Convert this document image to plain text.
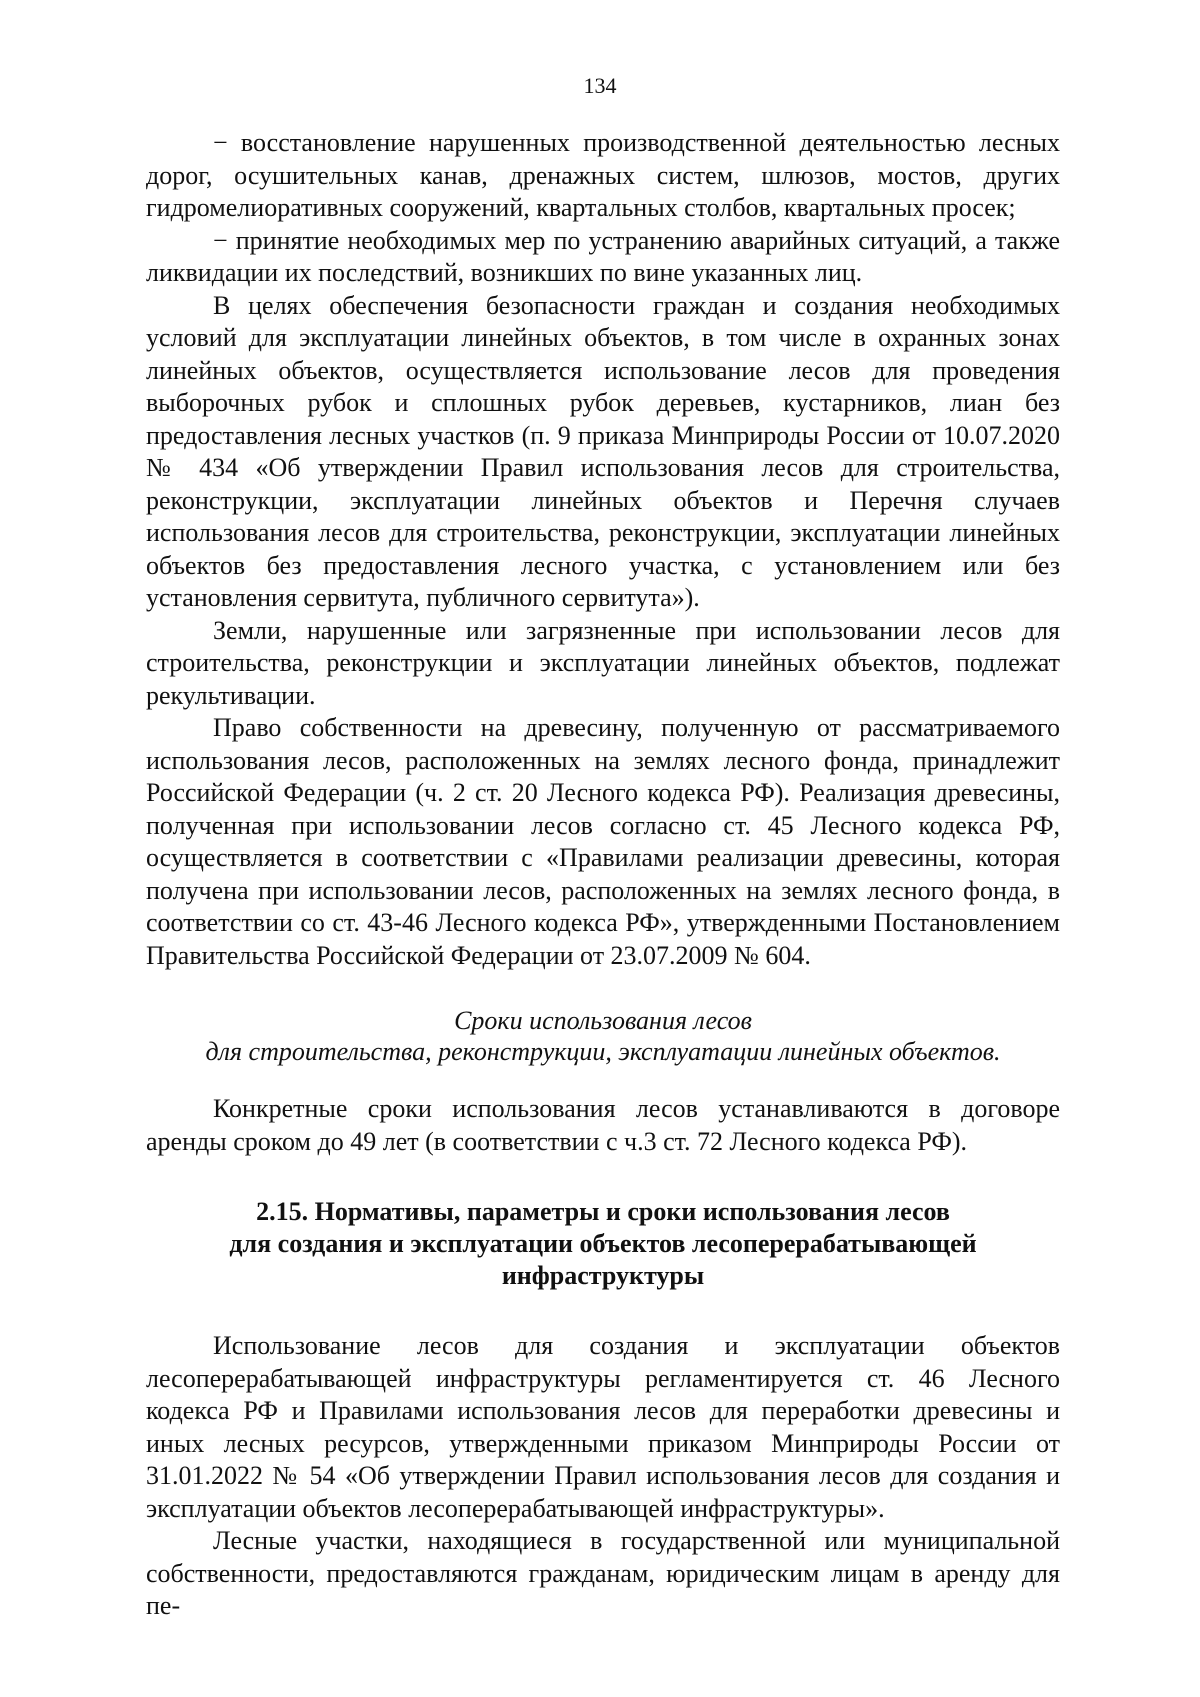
134

− восстановление нарушенных производственной деятельностью лесных дорог, осушительных канав, дренажных систем, шлюзов, мостов, других гидромелиоративных сооружений, квартальных столбов, квартальных просек;

− принятие необходимых мер по устранению аварийных ситуаций, а также ликвидации их последствий, возникших по вине указанных лиц.

В целях обеспечения безопасности граждан и создания необходимых условий для эксплуатации линейных объектов, в том числе в охранных зонах линейных объектов, осуществляется использование лесов для проведения выборочных рубок и сплошных рубок деревьев, кустарников, лиан без предоставления лесных участков (п. 9 приказа Минприроды России от 10.07.2020 № 434 «Об утверждении Правил использования лесов для строительства, реконструкции, эксплуатации линейных объектов и Перечня случаев использования лесов для строительства, реконструкции, эксплуатации линейных объектов без предоставления лесного участка, с установлением или без установления сервитута, публичного сервитута»).

Земли, нарушенные или загрязненные при использовании лесов для строительства, реконструкции и эксплуатации линейных объектов, подлежат рекультивации.

Право собственности на древесину, полученную от рассматриваемого использования лесов, расположенных на землях лесного фонда, принадлежит Российской Федерации (ч. 2 ст. 20 Лесного кодекса РФ). Реализация древесины, полученная при использовании лесов согласно ст. 45 Лесного кодекса РФ, осуществляется в соответствии с «Правилами реализации древесины, которая получена при использовании лесов, расположенных на землях лесного фонда, в соответствии со ст. 43-46 Лесного кодекса РФ», утвержденными Постановлением Правительства Российской Федерации от 23.07.2009 № 604.

Сроки использования лесов
для строительства, реконструкции, эксплуатации линейных объектов.

Конкретные сроки использования лесов устанавливаются в договоре аренды сроком до 49 лет (в соответствии с ч.3 ст. 72 Лесного кодекса РФ).

2.15. Нормативы, параметры и сроки использования лесов
для создания и эксплуатации объектов лесоперерабатывающей
инфраструктуры

Использование лесов для создания и эксплуатации объектов лесоперерабатывающей инфраструктуры регламентируется ст. 46 Лесного кодекса РФ и Правилами использования лесов для переработки древесины и иных лесных ресурсов, утвержденными приказом Минприроды России от 31.01.2022 № 54 «Об утверждении Правил использования лесов для создания и эксплуатации объектов лесоперерабатывающей инфраструктуры».

Лесные участки, находящиеся в государственной или муниципальной собственности, предоставляются гражданам, юридическим лицам в аренду для пе-
